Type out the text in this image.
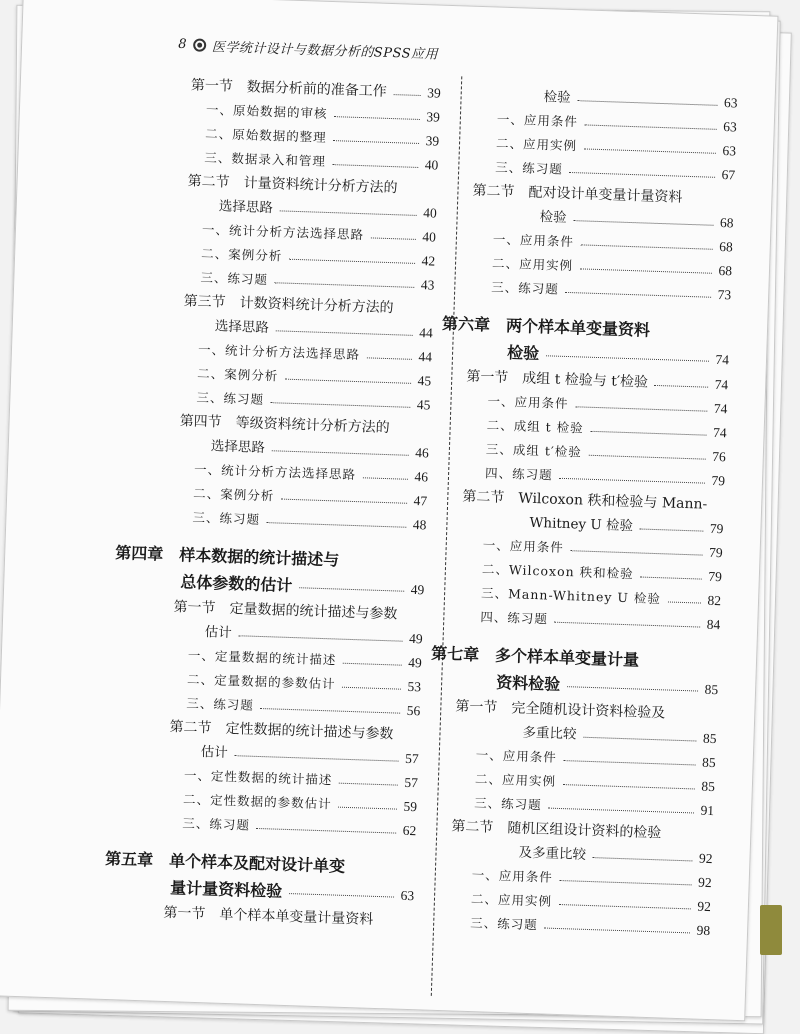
8 医学统计设计与数据分析的SPSS应用
第一节　数据分析前的准备工作	39
一、原始数据的审核	39
二、原始数据的整理	39
三、数据录入和管理	40
第二节　计量资料统计分析方法的
选择思路	40
一、统计分析方法选择思路	40
二、案例分析	42
三、练习题	43
第三节　计数资料统计分析方法的
选择思路	44
一、统计分析方法选择思路	44
二、案例分析	45
三、练习题	45
第四节　等级资料统计分析方法的
选择思路	46
一、统计分析方法选择思路	46
二、案例分析	47
三、练习题	48
第四章　样本数据的统计描述与
总体参数的估计	49
第一节　定量数据的统计描述与参数
估计	49
一、定量数据的统计描述	49
二、定量数据的参数估计	53
三、练习题	56
第二节　定性数据的统计描述与参数
估计	57
一、定性数据的统计描述	57
二、定性数据的参数估计	59
三、练习题	62
第五章　单个样本及配对设计单变
量计量资料检验	63
第一节　单个样本单变量计量资料
检验	63
一、应用条件	63
二、应用实例	63
三、练习题	67
第二节　配对设计单变量计量资料
检验	68
一、应用条件	68
二、应用实例	68
三、练习题	73
第六章　两个样本单变量资料
检验	74
第一节　成组 t 检验与 t′检验	74
一、应用条件	74
二、成组 t 检验	74
三、成组 t′检验	76
四、练习题	79
第二节　Wilcoxon 秩和检验与 Mann-
Whitney U 检验	79
一、应用条件	79
二、Wilcoxon 秩和检验	79
三、Mann-Whitney U 检验	82
四、练习题	84
第七章　多个样本单变量计量
资料检验	85
第一节　完全随机设计资料检验及
多重比较	85
一、应用条件	85
二、应用实例	85
三、练习题	91
第二节　随机区组设计资料的检验
及多重比较	92
一、应用条件	92
二、应用实例	92
三、练习题	98
